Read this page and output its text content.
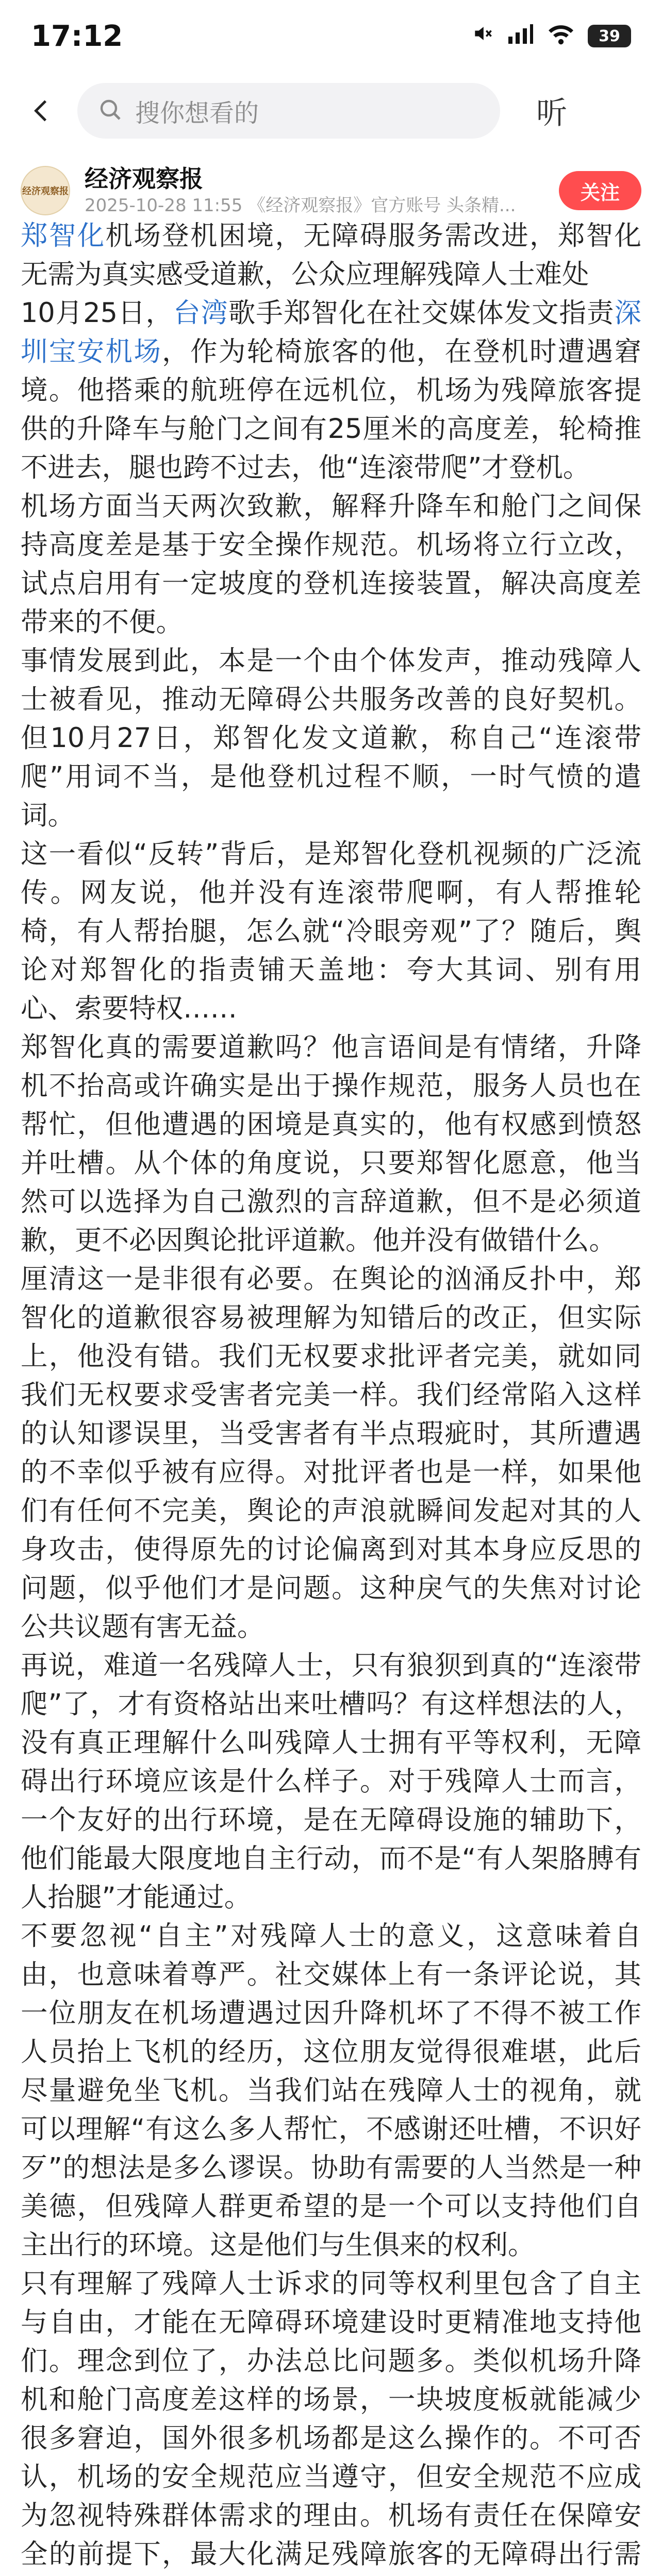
17:12	39
搜你想看的	听
经济观察报 经济观察报
2025-10-28 11:55 《经济观察报》官方账号 头条精...
关注

郑智化机场登机困境，无障碍服务需改进，郑智化无需为真实感受道歉，公众应理解残障人士难处

10月25日，台湾歌手郑智化在社交媒体发文指责深圳宝安机场，作为轮椅旅客的他，在登机时遭遇窘境。他搭乘的航班停在远机位，机场为残障旅客提供的升降车与舱门之间有25厘米的高度差，轮椅推不进去，腿也跨不过去，他“连滚带爬”才登机。

机场方面当天两次致歉，解释升降车和舱门之间保持高度差是基于安全操作规范。机场将立行立改，试点启用有一定坡度的登机连接装置，解决高度差带来的不便。

事情发展到此，本是一个由个体发声，推动残障人士被看见，推动无障碍公共服务改善的良好契机。但10月27日，郑智化发文道歉，称自己“连滚带爬”用词不当，是他登机过程不顺，一时气愤的遣词。

这一看似“反转”背后，是郑智化登机视频的广泛流传。网友说，他并没有连滚带爬啊，有人帮推轮椅，有人帮抬腿，怎么就“冷眼旁观”了？随后，舆论对郑智化的指责铺天盖地：夸大其词、别有用心、索要特权……

郑智化真的需要道歉吗？他言语间是有情绪，升降机不抬高或许确实是出于操作规范，服务人员也在帮忙，但他遭遇的困境是真实的，他有权感到愤怒并吐槽。从个体的角度说，只要郑智化愿意，他当然可以选择为自己激烈的言辞道歉，但不是必须道歉，更不必因舆论批评道歉。他并没有做错什么。

厘清这一是非很有必要。在舆论的汹涌反扑中，郑智化的道歉很容易被理解为知错后的改正，但实际上，他没有错。我们无权要求批评者完美，就如同我们无权要求受害者完美一样。我们经常陷入这样的认知谬误里，当受害者有半点瑕疵时，其所遭遇的不幸似乎被有应得。对批评者也是一样，如果他们有任何不完美，舆论的声浪就瞬间发起对其的人身攻击，使得原先的讨论偏离到对其本身应反思的问题，似乎他们才是问题。这种戾气的失焦对讨论公共议题有害无益。

再说，难道一名残障人士，只有狼狈到真的“连滚带爬”了，才有资格站出来吐槽吗？有这样想法的人，没有真正理解什么叫残障人士拥有平等权利，无障碍出行环境应该是什么样子。对于残障人士而言，一个友好的出行环境，是在无障碍设施的辅助下，他们能最大限度地自主行动，而不是“有人架胳膊有人抬腿”才能通过。

不要忽视“自主”对残障人士的意义，这意味着自由，也意味着尊严。社交媒体上有一条评论说，其一位朋友在机场遭遇过因升降机坏了不得不被工作人员抬上飞机的经历，这位朋友觉得很难堪，此后尽量避免坐飞机。当我们站在残障人士的视角，就可以理解“有这么多人帮忙，不感谢还吐槽，不识好歹”的想法是多么谬误。协助有需要的人当然是一种美德，但残障人群更希望的是一个可以支持他们自主出行的环境。这是他们与生俱来的权利。

只有理解了残障人士诉求的同等权利里包含了自主与自由，才能在无障碍环境建设时更精准地支持他们。理念到位了，办法总比问题多。类似机场升降机和舱门高度差这样的场景，一块坡度板就能减少很多窘迫，国外很多机场都是这么操作的。不可否认，机场的安全规范应当遵守，但安全规范不应成为忽视特殊群体需求的理由。机场有责任在保障安全的前提下，最大化满足残障旅客的无障碍出行需
